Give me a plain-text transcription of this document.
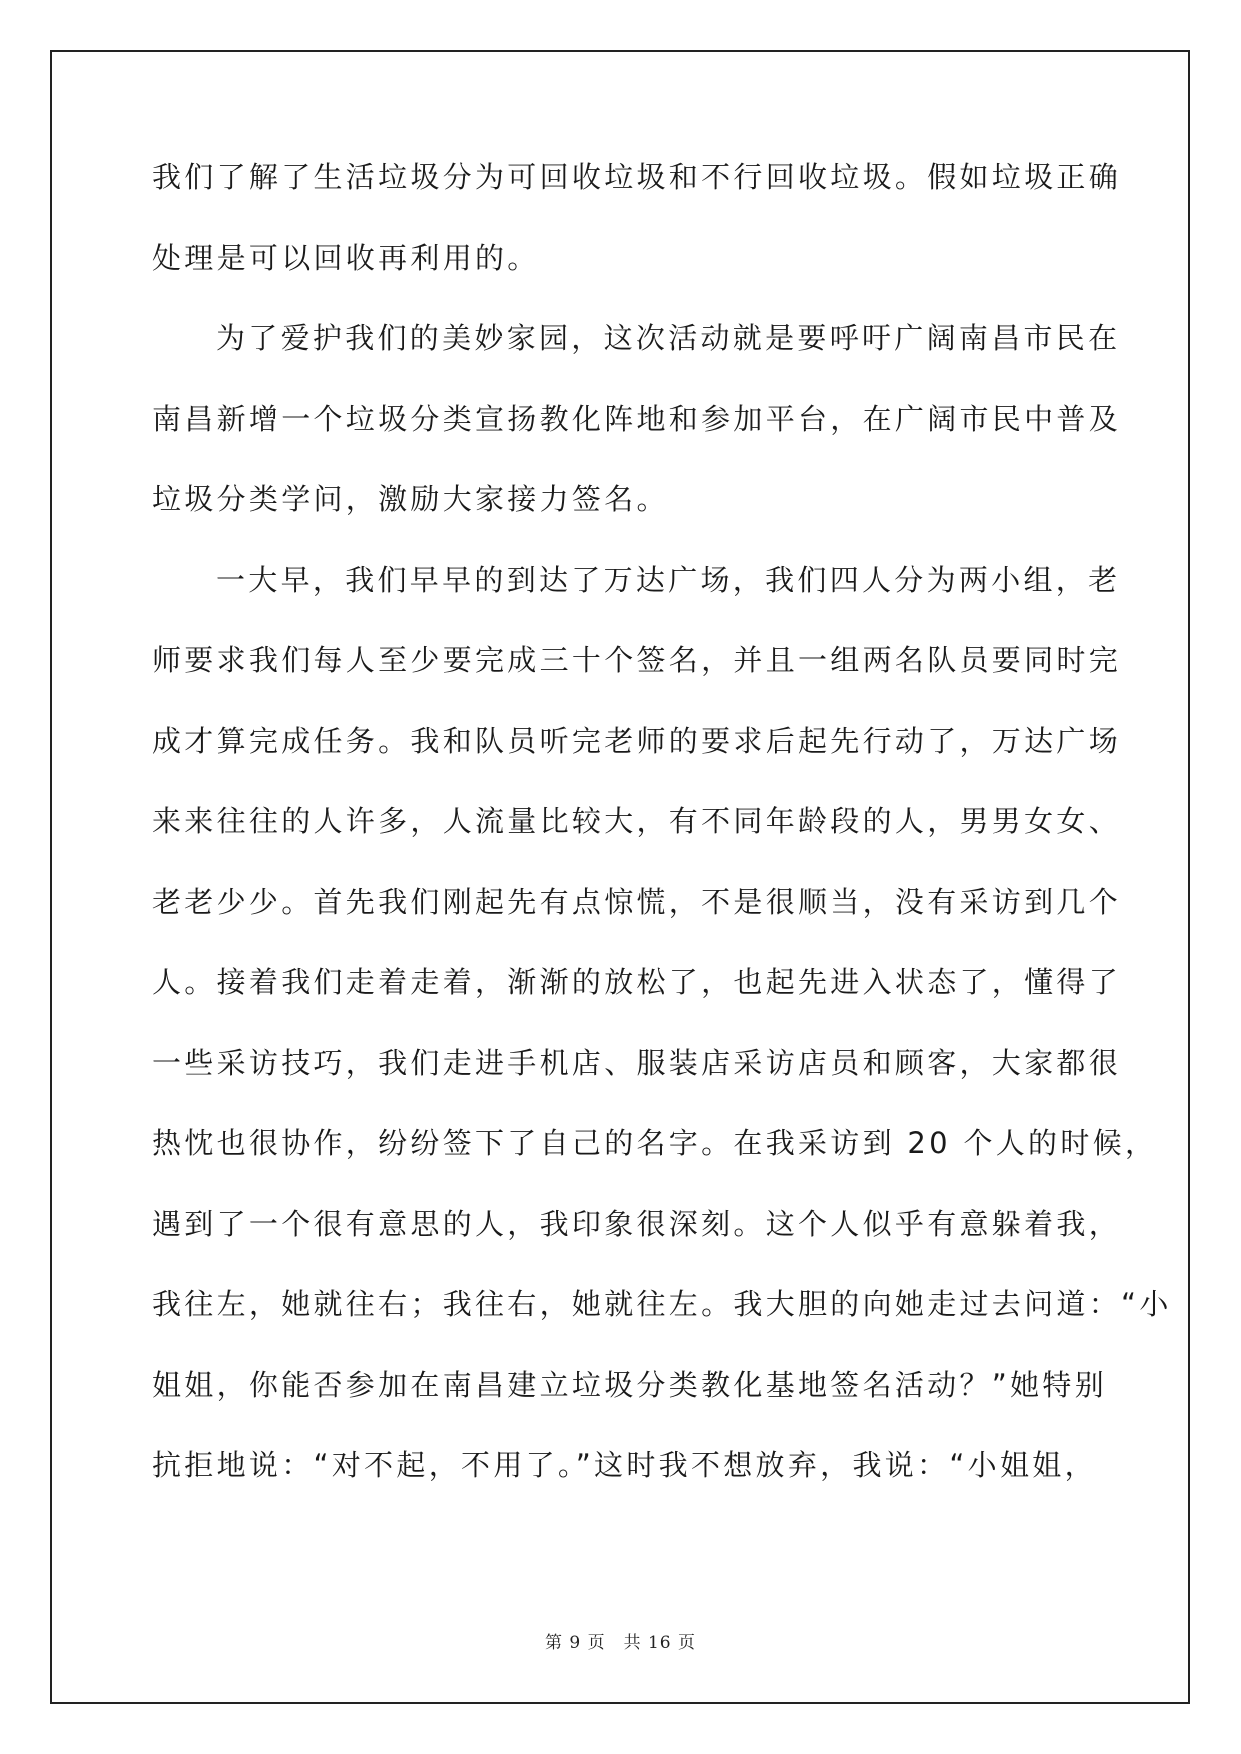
我们了解了生活垃圾分为可回收垃圾和不行回收垃圾。假如垃圾正确

处理是可以回收再利用的。

为了爱护我们的美妙家园，这次活动就是要呼吁广阔南昌市民在

南昌新增一个垃圾分类宣扬教化阵地和参加平台，在广阔市民中普及

垃圾分类学问，激励大家接力签名。

一大早，我们早早的到达了万达广场，我们四人分为两小组，老

师要求我们每人至少要完成三十个签名，并且一组两名队员要同时完

成才算完成任务。我和队员听完老师的要求后起先行动了，万达广场

来来往往的人许多，人流量比较大，有不同年龄段的人，男男女女、

老老少少。首先我们刚起先有点惊慌，不是很顺当，没有采访到几个

人。接着我们走着走着，渐渐的放松了，也起先进入状态了，懂得了

一些采访技巧，我们走进手机店、服装店采访店员和顾客，大家都很

热忱也很协作，纷纷签下了自己的名字。在我采访到 20 个人的时候，

遇到了一个很有意思的人，我印象很深刻。这个人似乎有意躲着我，

我往左，她就往右；我往右，她就往左。我大胆的向她走过去问道：“小

姐姐，你能否参加在南昌建立垃圾分类教化基地签名活动？”她特别

抗拒地说：“对不起，不用了。”这时我不想放弃，我说：“小姐姐，

第 9 页 共 16 页
